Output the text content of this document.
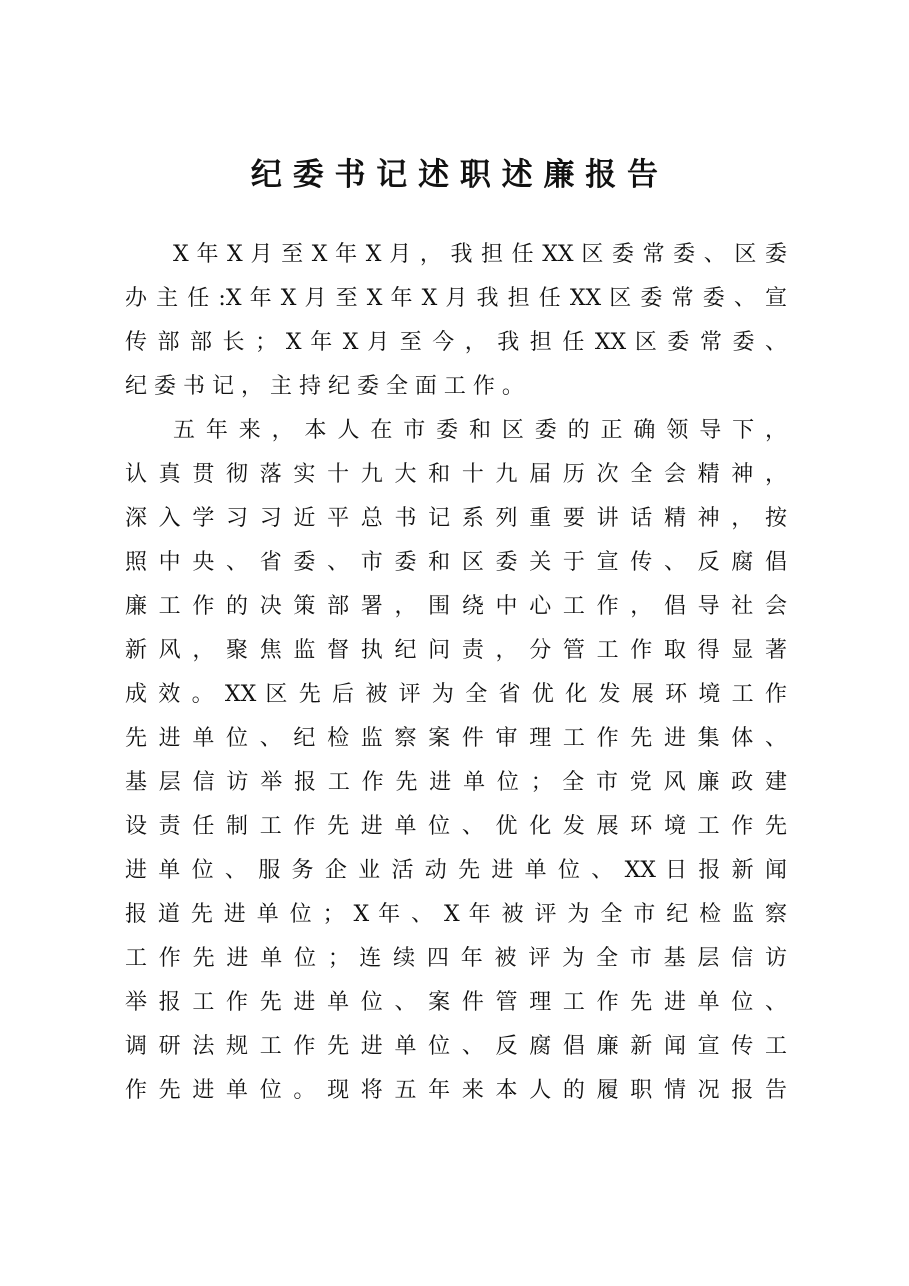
纪 委 书 记 述 职 述 廉 报 告
X 年 X 月 至 X 年 X 月 ， 我 担 任 XX 区 委 常 委 、 区 委
办 主 任 :X 年 X 月 至 X 年 X 月 我 担 任 XX 区 委 常 委 、 宣
传 部 部 长 ； X 年 X 月 至 今 ， 我 担 任 XX 区 委 常 委 、
纪 委 书 记 ， 主 持 纪 委 全 面 工 作 。
五 年 来 ， 本 人 在 市 委 和 区 委 的 正 确 领 导 下 ，
认 真 贯 彻 落 实 十 九 大 和 十 九 届 历 次 全 会 精 神 ，
深 入 学 习 习 近 平 总 书 记 系 列 重 要 讲 话 精 神 ， 按
照 中 央 、 省 委 、 市 委 和 区 委 关 于 宣 传 、 反 腐 倡
廉 工 作 的 决 策 部 署 ， 围 绕 中 心 工 作 ， 倡 导 社 会
新 风 ， 聚 焦 监 督 执 纪 问 责 ， 分 管 工 作 取 得 显 著
成 效 。 XX 区 先 后 被 评 为 全 省 优 化 发 展 环 境 工 作
先 进 单 位 、 纪 检 监 察 案 件 审 理 工 作 先 进 集 体 、
基 层 信 访 举 报 工 作 先 进 单 位 ； 全 市 党 风 廉 政 建
设 责 任 制 工 作 先 进 单 位 、 优 化 发 展 环 境 工 作 先
进 单 位 、 服 务 企 业 活 动 先 进 单 位 、 XX 日 报 新 闻
报 道 先 进 单 位 ； X 年 、 X 年 被 评 为 全 市 纪 检 监 察
工 作 先 进 单 位 ； 连 续 四 年 被 评 为 全 市 基 层 信 访
举 报 工 作 先 进 单 位 、 案 件 管 理 工 作 先 进 单 位 、
调 研 法 规 工 作 先 进 单 位 、 反 腐 倡 廉 新 闻 宣 传 工
作 先 进 单 位 。 现 将 五 年 来 本 人 的 履 职 情 况 报 告
